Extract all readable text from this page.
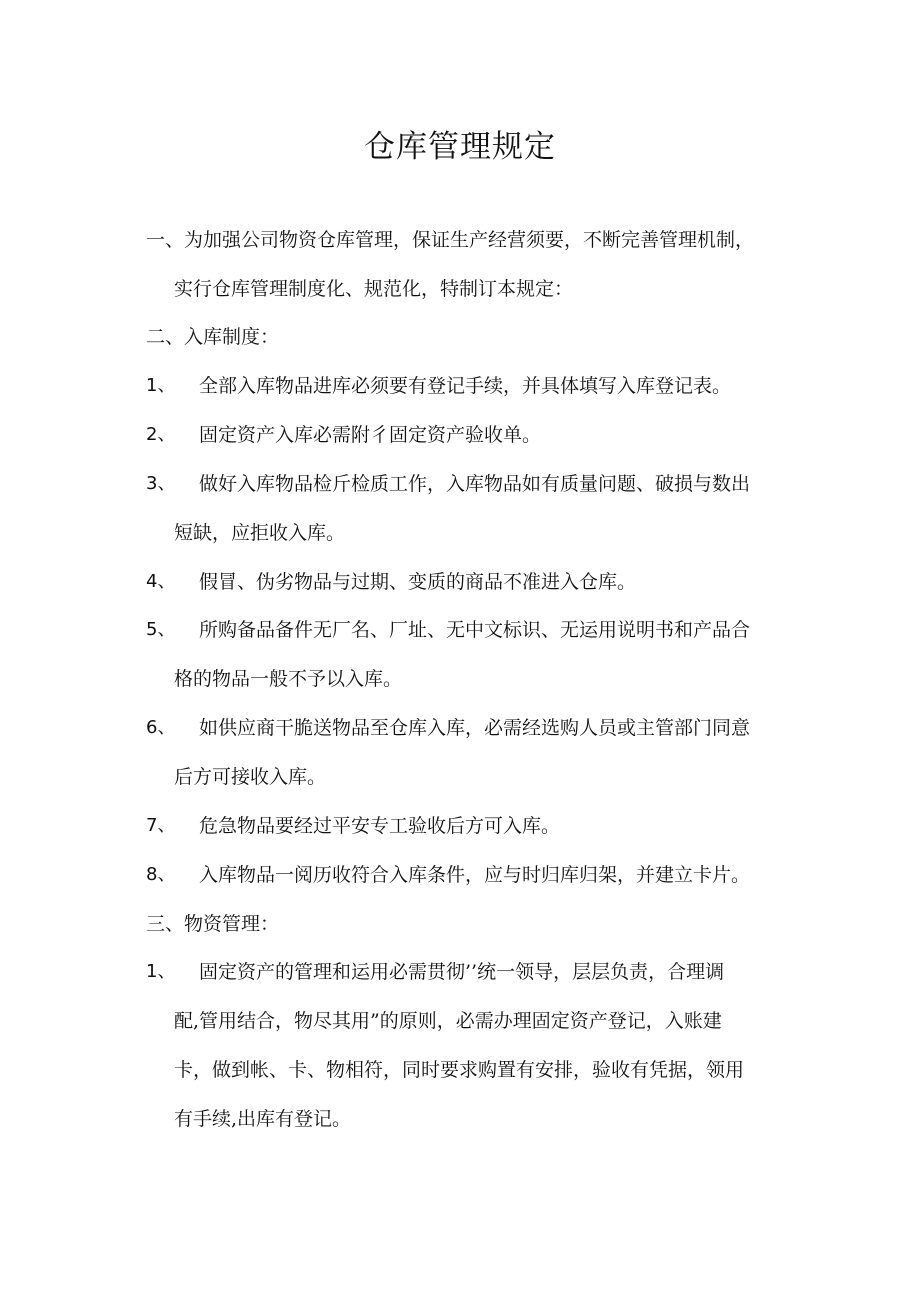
仓库管理规定
一、为加强公司物资仓库管理，保证生产经营须要，不断完善管理机制，
实行仓库管理制度化、规范化，特制订本规定：
二、入库制度：
1、 全部入库物品进库必须要有登记手续，并具体填写入库登记表。
2、 固定资产入库必需附彳固定资产验收单。
3、 做好入库物品检斤检质工作，入库物品如有质量问题、破损与数出
短缺，应拒收入库。
4、 假冒、伪劣物品与过期、变质的商品不准进入仓库。
5、 所购备品备件无厂名、厂址、无中文标识、无运用说明书和产品合
格的物品一般不予以入库。
6、 如供应商干脆送物品至仓库入库，必需经选购人员或主管部门同意
后方可接收入库。
7、 危急物品要经过平安专工验收后方可入库。
8、 入库物品一阅历收符合入库条件，应与时归库归架，并建立卡片。
三、物资管理：
1、 固定资产的管理和运用必需贯彻’’统一领导，层层负责，合理调
配,管用结合，物尽其用”的原则，必需办理固定资产登记，入账建
卡，做到帐、卡、物相符，同时要求购置有安排，验收有凭据，领用
有手续,出库有登记。
